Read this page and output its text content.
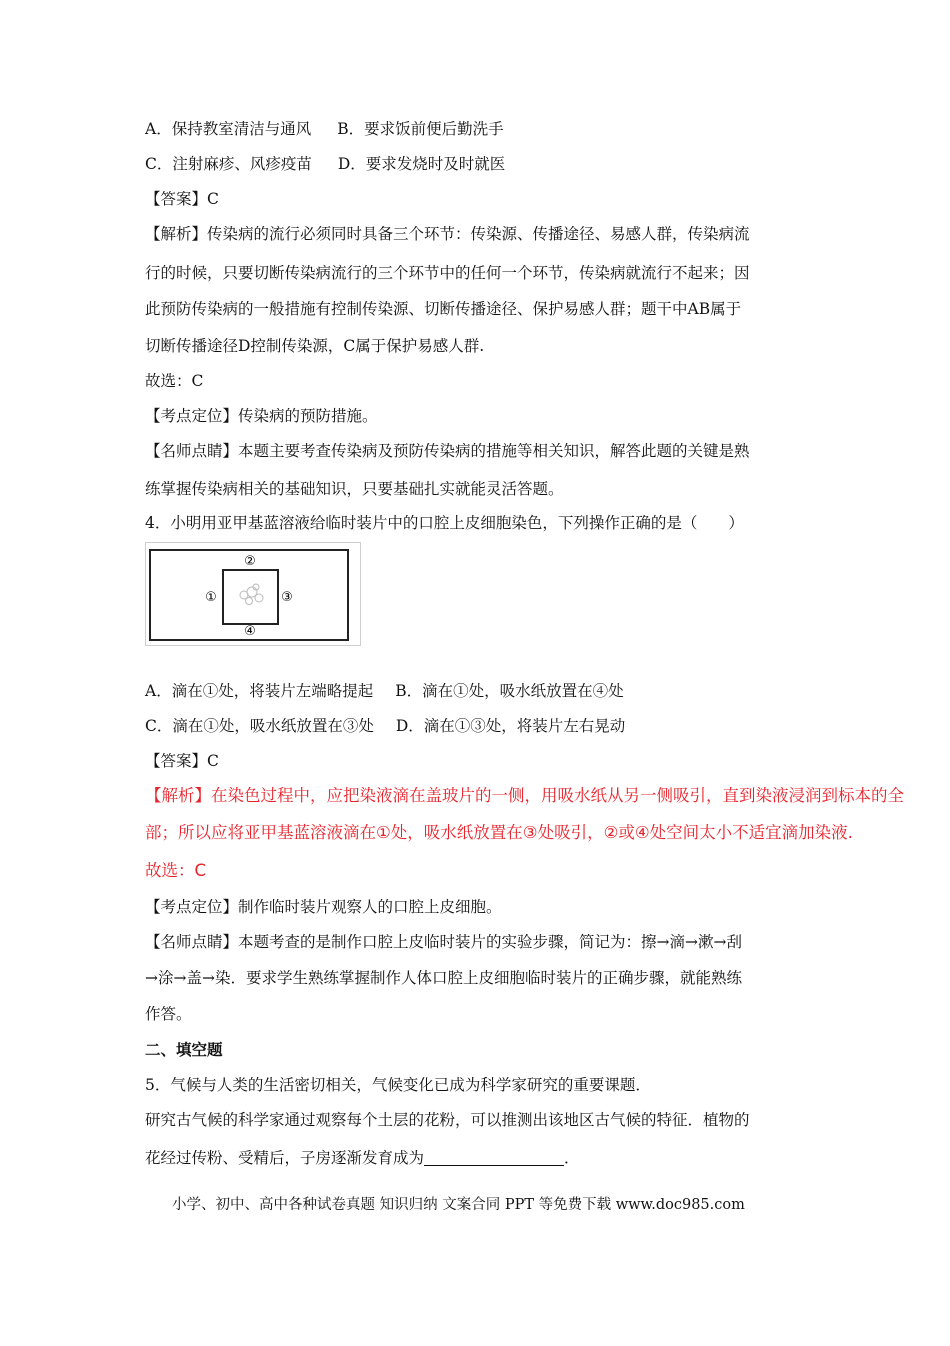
A．保持教室清洁与通风 B．要求饭前便后勤洗手
C．注射麻疹、风疹疫苗 D．要求发烧时及时就医
【答案】C
【解析】传染病的流行必须同时具备三个环节：传染源、传播途径、易感人群，传染病流
行的时候，只要切断传染病流行的三个环节中的任何一个环节，传染病就流行不起来；因
此预防传染病的一般措施有控制传染源、切断传播途径、保护易感人群；题干中AB属于
切断传播途径D控制传染源，C属于保护易感人群.
故选：C
【考点定位】传染病的预防措施。
【名师点睛】本题主要考查传染病及预防传染病的措施等相关知识，解答此题的关键是熟
练掌握传染病相关的基础知识，只要基础扎实就能灵活答题。
4．小明用亚甲基蓝溶液给临时装片中的口腔上皮细胞染色，下列操作正确的是（　　）
②
①	③
④
A．滴在①处，将装片左端略提起 B．滴在①处，吸水纸放置在④处
C．滴在①处，吸水纸放置在③处 D．滴在①③处，将装片左右晃动
【答案】C
【解析】在染色过程中，应把染液滴在盖玻片的一侧，用吸水纸从另一侧吸引，直到染液浸润到标本的全
部；所以应将亚甲基蓝溶液滴在①处，吸水纸放置在③处吸引，②或④处空间太小不适宜滴加染液.
故选：C
【考点定位】制作临时装片观察人的口腔上皮细胞。
【名师点睛】本题考查的是制作口腔上皮临时装片的实验步骤，简记为：擦→滴→漱→刮
→涂→盖→染．要求学生熟练掌握制作人体口腔上皮细胞临时装片的正确步骤，就能熟练
作答。
二、填空题
5．气候与人类的生活密切相关，气候变化已成为科学家研究的重要课题．
研究古气候的科学家通过观察每个土层的花粉，可以推测出该地区古气候的特征．植物的
花经过传粉、受精后，子房逐渐发育成为	．
小学、初中、高中各种试卷真题 知识归纳 文案合同 PPT 等免费下载 www.doc985.com
